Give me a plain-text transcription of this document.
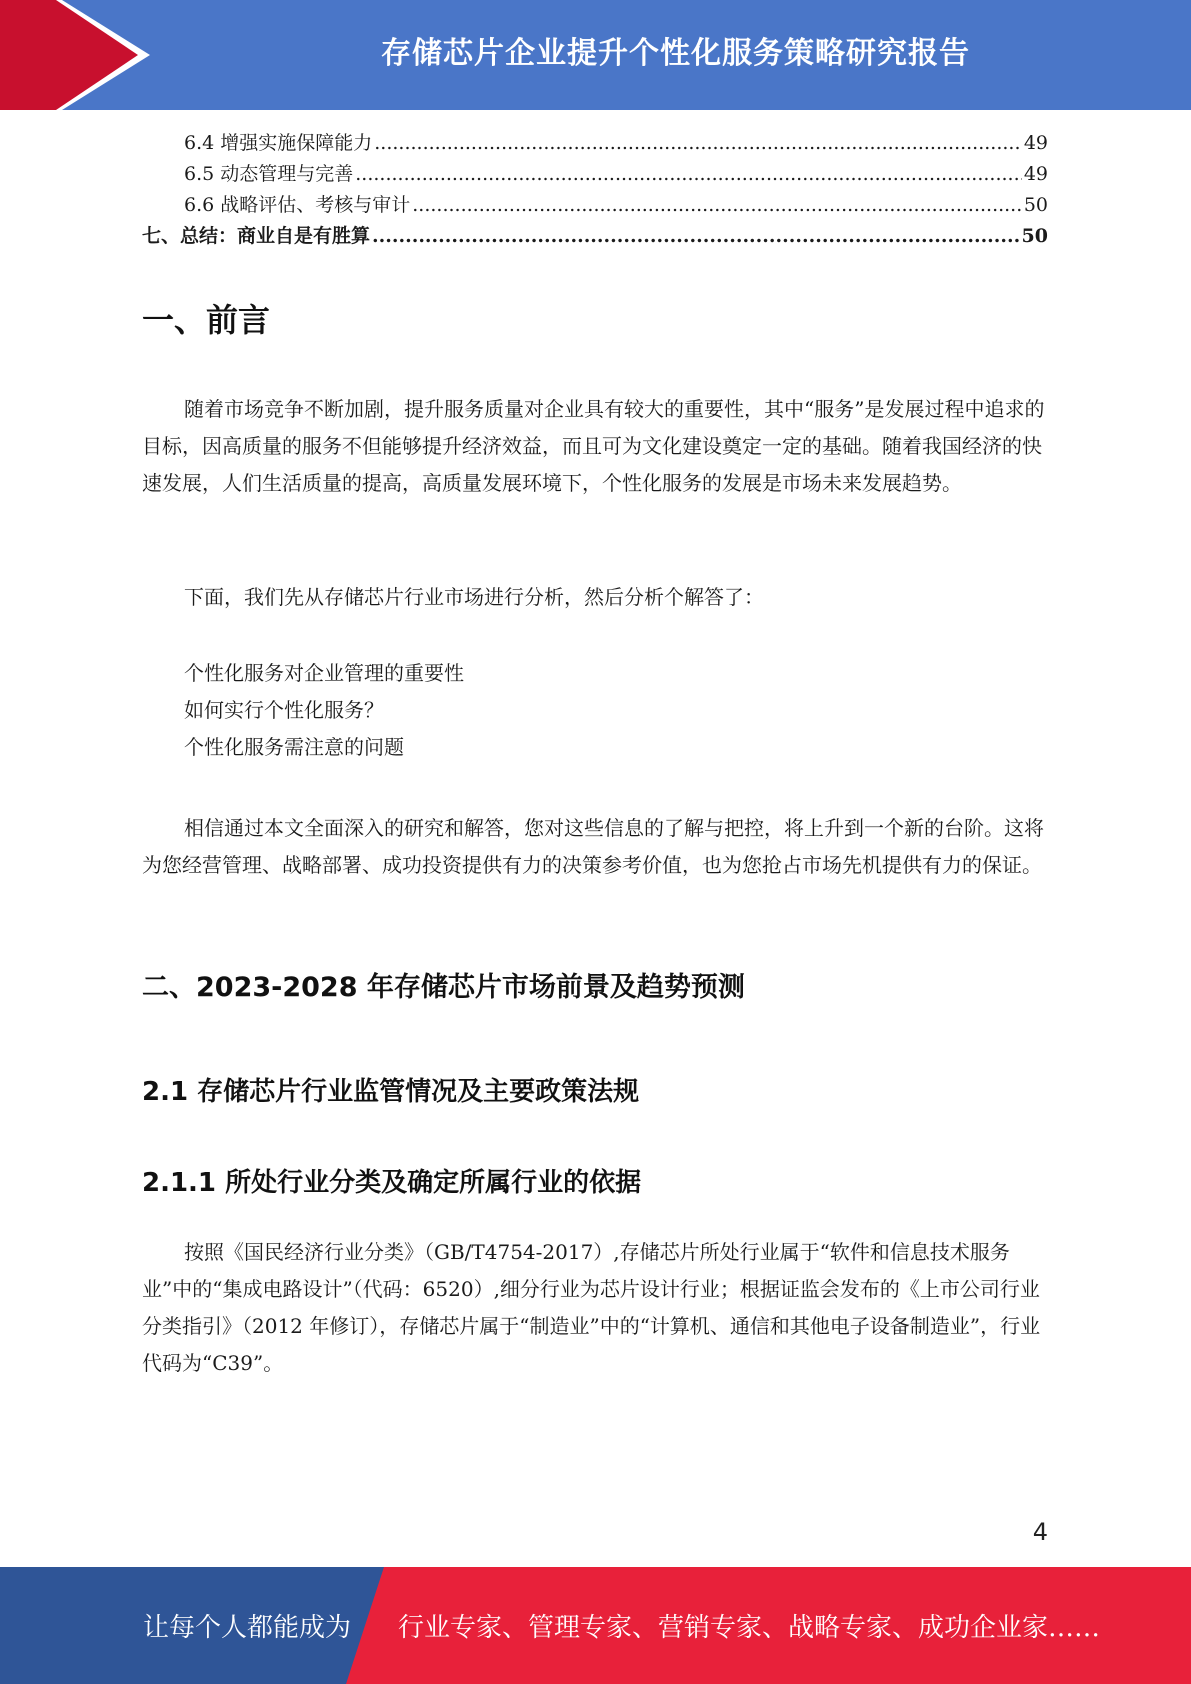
存储芯片企业提升个性化服务策略研究报告
6.4 增强实施保障能力 .....	49
6.5 动态管理与完善 .....	49
6.6 战略评估、考核与审计 .....	50
七、总结：商业自是有胜算 .....	50
一、前言

随着市场竞争不断加剧，提升服务质量对企业具有较大的重要性，其中“服务”是发展过程中追求的目标，因高质量的服务不但能够提升经济效益，而且可为文化建设奠定一定的基础。随着我国经济的快速发展，人们生活质量的提高，高质量发展环境下，个性化服务的发展是市场未来发展趋势。

下面，我们先从存储芯片行业市场进行分析，然后分析个解答了：

个性化服务对企业管理的重要性

如何实行个性化服务？

个性化服务需注意的问题

相信通过本文全面深入的研究和解答，您对这些信息的了解与把控，将上升到一个新的台阶。这将为您经营管理、战略部署、成功投资提供有力的决策参考价值，也为您抢占市场先机提供有力的保证。

二、2023-2028 年存储芯片市场前景及趋势预测
2.1 存储芯片行业监管情况及主要政策法规
2.1.1 所处行业分类及确定所属行业的依据

按照《国民经济行业分类》（GB/T4754-2017）,存储芯片所处行业属于“软件和信息技术服务业”中的“集成电路设计”（代码：6520）,细分行业为芯片设计行业；根据证监会发布的《上市公司行业分类指引》（2012 年修订），存储芯片属于“制造业”中的“计算机、通信和其他电子设备制造业”，行业代码为“C39”。

4
让每个人都能成为 行业专家、管理专家、营销专家、战略专家、成功企业家……
